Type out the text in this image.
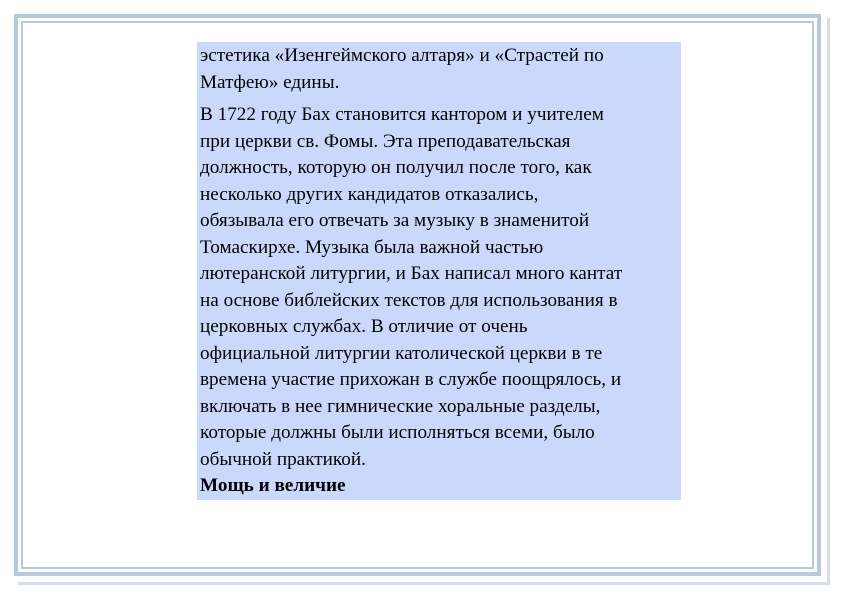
эстетика «Изенгеймского алтаря» и «Страстей по
Матфею» едины.

В 1722 году Бах становится кантором и учителем
при церкви св. Фомы. Эта преподавательская
должность, которую он получил после того, как
несколько других кандидатов отказались,
обязывала его отвечать за музыку в знаменитой
Томаскирхе. Музыка была важной частью
лютеранской литургии, и Бах написал много кантат
на основе библейских текстов для использования в
церковных службах. В отличие от очень
официальной литургии католической церкви в те
времена участие прихожан в службе поощрялось, и
включать в нее гимнические хоральные разделы,
которые должны были исполняться всеми, было
обычной практикой.

Мощь и величие
